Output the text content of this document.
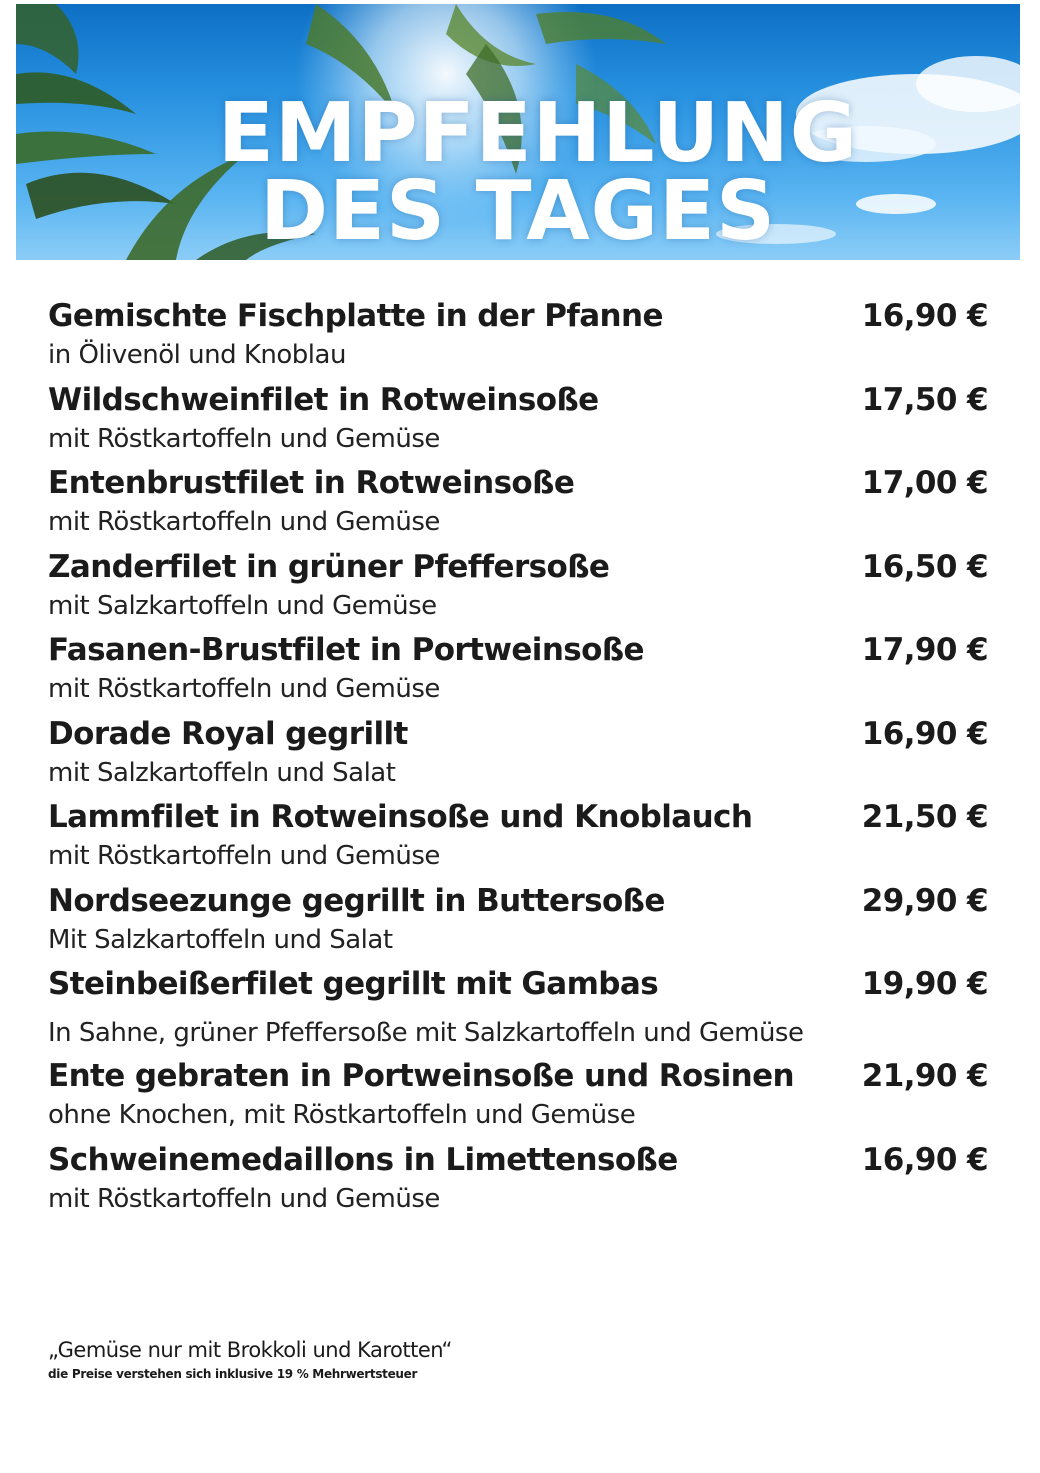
EMPFEHLUNG
DES TAGES
Gemischte Fischplatte in der Pfanne
in Ölivenöl und Knoblau
16,90 €
Wildschweinfilet in Rotweinsoße
mit Röstkartoffeln und Gemüse
17,50 €
Entenbrustfilet in Rotweinsoße
mit Röstkartoffeln und Gemüse
17,00 €
Zanderfilet in grüner Pfeffersoße
mit Salzkartoffeln und Gemüse
16,50 €
Fasanen-Brustfilet in Portweinsoße
mit Röstkartoffeln und Gemüse
17,90 €
Dorade Royal gegrillt
mit Salzkartoffeln und Salat
16,90 €
Lammfilet in Rotweinsoße und Knoblauch
mit Röstkartoffeln und Gemüse
21,50 €
Nordseezunge gegrillt in Buttersoße
Mit Salzkartoffeln und Salat
29,90 €
Steinbeißerfilet gegrillt mit Gambas
In Sahne, grüner Pfeffersoße mit Salzkartoffeln und Gemüse
19,90 €
Ente gebraten in Portweinsoße und Rosinen
ohne Knochen, mit Röstkartoffeln und Gemüse
21,90 €
Schweinemedaillons in Limettensoße
mit Röstkartoffeln und Gemüse
16,90 €
„Gemüse nur mit Brokkoli und Karotten“
die Preise verstehen sich inklusive 19 % Mehrwertsteuer
